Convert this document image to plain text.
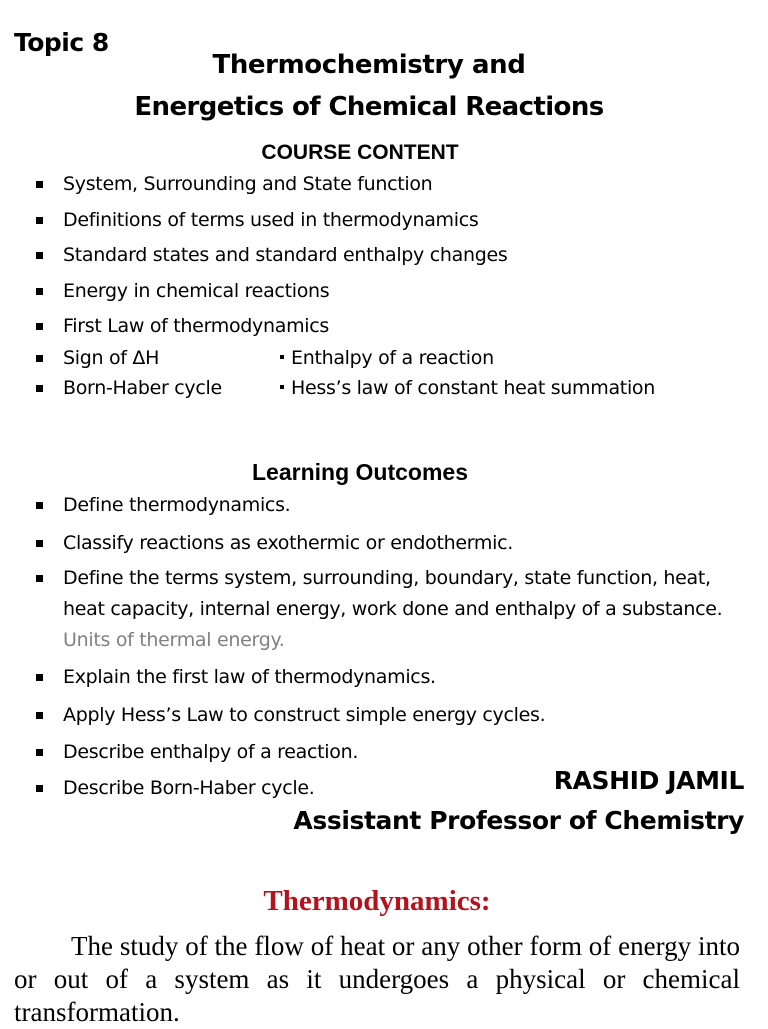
Topic 8
Thermochemistry and
Energetics of Chemical Reactions
COURSE CONTENT
System, Surrounding and State function
Definitions of terms used in thermodynamics
Standard states and standard enthalpy changes
Energy in chemical reactions
First Law of thermodynamics
Sign of ΔH	Enthalpy of a reaction
Born-Haber cycle	Hess’s law of constant heat summation
Learning Outcomes
Define thermodynamics.
Classify reactions as exothermic or endothermic.
Define the terms system, surrounding, boundary, state function, heat, heat capacity, internal energy, work done and enthalpy of a substance. Units of thermal energy.
Explain the first law of thermodynamics.
Apply Hess’s Law to construct simple energy cycles.
Describe enthalpy of a reaction.
Describe Born-Haber cycle.	RASHID JAMIL
Assistant Professor of Chemistry
Thermodynamics:
The study of the flow of heat or any other form of energy into or out of a system as it undergoes a physical or chemical transformation.
